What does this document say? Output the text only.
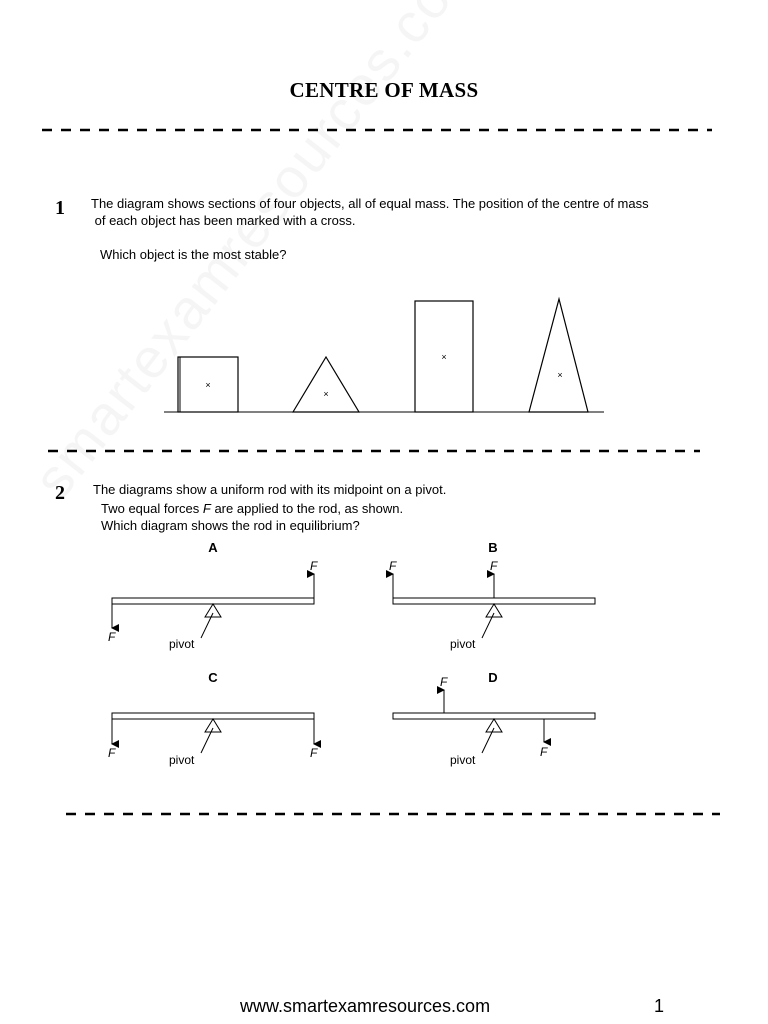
CENTRE OF MASS
×
×
×
×
A
pivot
F
F
B
pivot
F	F
C
pivot
F	F
D
pivot
F
F
1 The diagram shows sections of four objects, all of equal mass. The position of the centre of mass
of each object has been marked with a cross.
Which object is the most stable?
2 The diagrams show a uniform rod with its midpoint on a pivot.
Two equal forces F are applied to the rod, as shown.
Which diagram shows the rod in equilibrium?
www.smartexamresources.com	1
